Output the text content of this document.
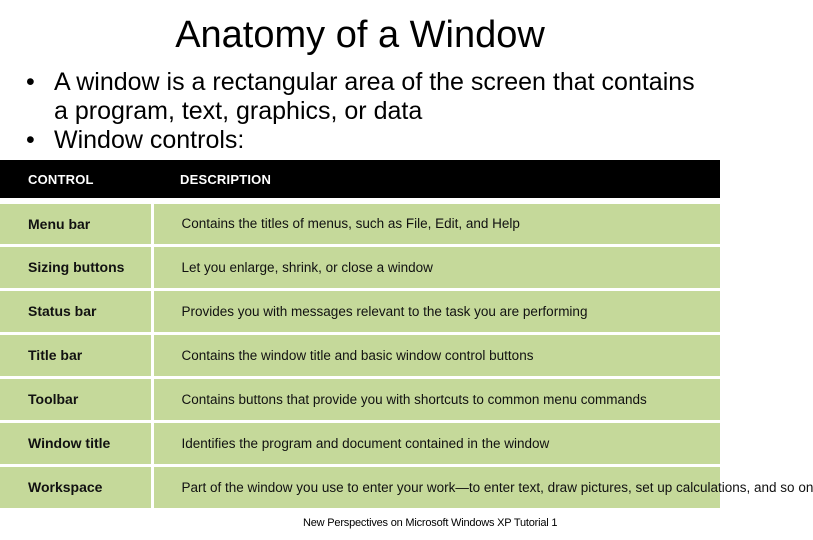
Anatomy of a Window
• A window is a rectangular area of the screen that contains a program, text, graphics, or data
• Window controls:
CONTROL	DESCRIPTION
Menu bar	Contains the titles of menus, such as File, Edit, and Help
Sizing buttons	Let you enlarge, shrink, or close a window
Status bar	Provides you with messages relevant to the task you are performing
Title bar	Contains the window title and basic window control buttons
Toolbar	Contains buttons that provide you with shortcuts to common menu commands
Window title	Identifies the program and document contained in the window
Workspace	Part of the window you use to enter your work—to enter text, draw pictures, set up calculations, and so on
New Perspectives on Microsoft Windows XP Tutorial 1
